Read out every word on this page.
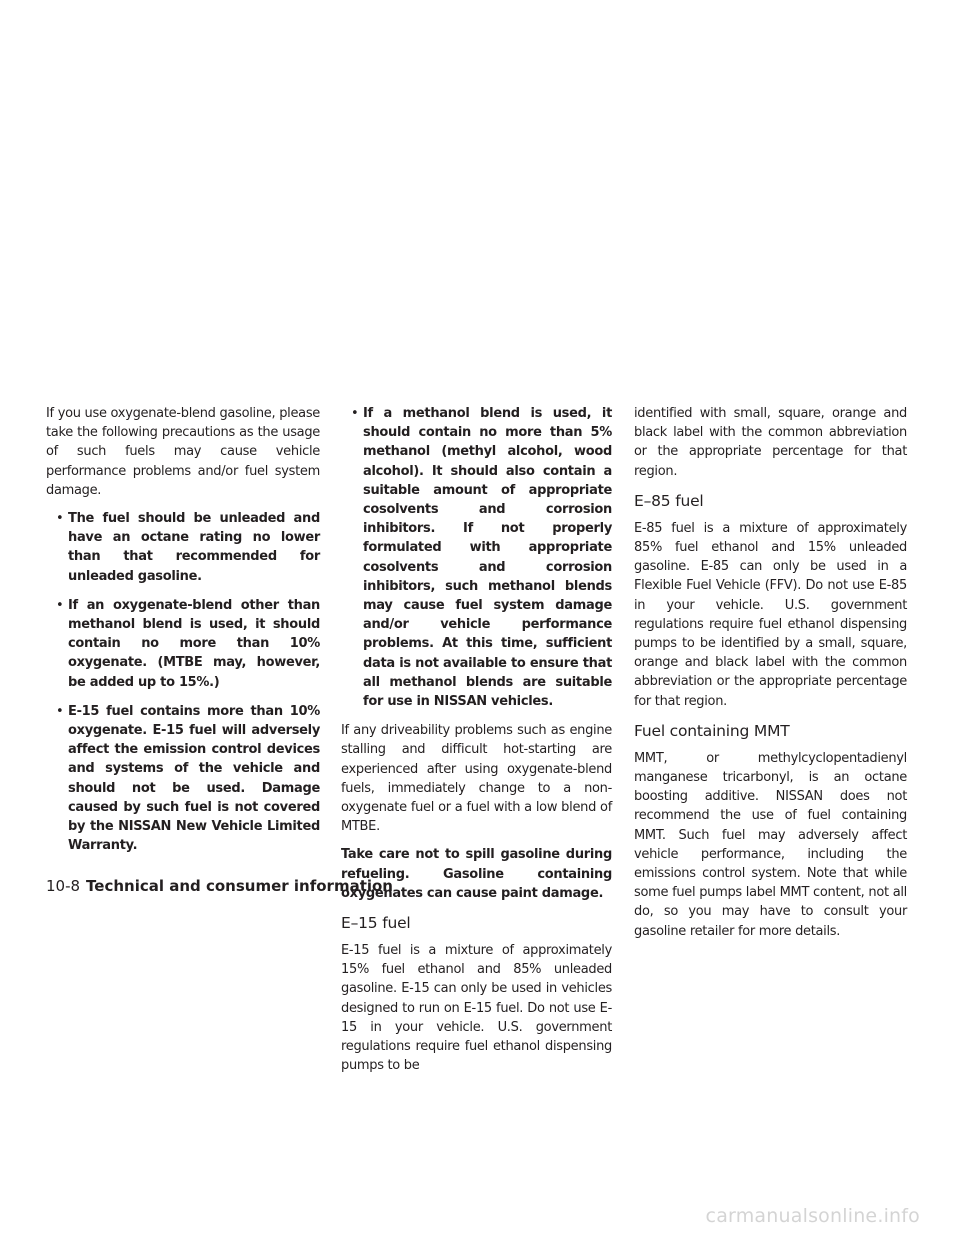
If you use oxygenate-blend gasoline, please take the following precautions as the usage of such fuels may cause vehicle performance problems and/or fuel system damage.

• The fuel should be unleaded and have an octane rating no lower than that recommended for unleaded gasoline.
• If an oxygenate-blend other than methanol blend is used, it should contain no more than 10% oxygenate. (MTBE may, however, be added up to 15%.)
• E-15 fuel contains more than 10% oxygenate. E-15 fuel will adversely affect the emission control devices and systems of the vehicle and should not be used. Damage caused by such fuel is not covered by the NISSAN New Vehicle Limited Warranty.
• If a methanol blend is used, it should contain no more than 5% methanol (methyl alcohol, wood alcohol). It should also contain a suitable amount of appropriate cosolvents and corrosion inhibitors. If not properly formulated with appropriate cosolvents and corrosion inhibitors, such methanol blends may cause fuel system damage and/or vehicle performance problems. At this time, sufficient data is not available to ensure that all methanol blends are suitable for use in NISSAN vehicles.

If any driveability problems such as engine stalling and difficult hot-starting are experienced after using oxygenate-blend fuels, immediately change to a non-oxygenate fuel or a fuel with a low blend of MTBE.

Take care not to spill gasoline during refueling. Gasoline containing oxygenates can cause paint damage.

E–15 fuel

E-15 fuel is a mixture of approximately 15% fuel ethanol and 85% unleaded gasoline. E-15 can only be used in vehicles designed to run on E-15 fuel. Do not use E-15 in your vehicle. U.S. government regulations require fuel ethanol dispensing pumps to be

identified with small, square, orange and black label with the common abbreviation or the appropriate percentage for that region.

E–85 fuel

E-85 fuel is a mixture of approximately 85% fuel ethanol and 15% unleaded gasoline. E-85 can only be used in a Flexible Fuel Vehicle (FFV). Do not use E-85 in your vehicle. U.S. government regulations require fuel ethanol dispensing pumps to be identified by a small, square, orange and black label with the common abbreviation or the appropriate percentage for that region.

Fuel containing MMT

MMT, or methylcyclopentadienyl manganese tricarbonyl, is an octane boosting additive. NISSAN does not recommend the use of fuel containing MMT. Such fuel may adversely affect vehicle performance, including the emissions control system. Note that while some fuel pumps label MMT content, not all do, so you may have to consult your gasoline retailer for more details.

10-8 Technical and consumer information
carmanualsonline.info
